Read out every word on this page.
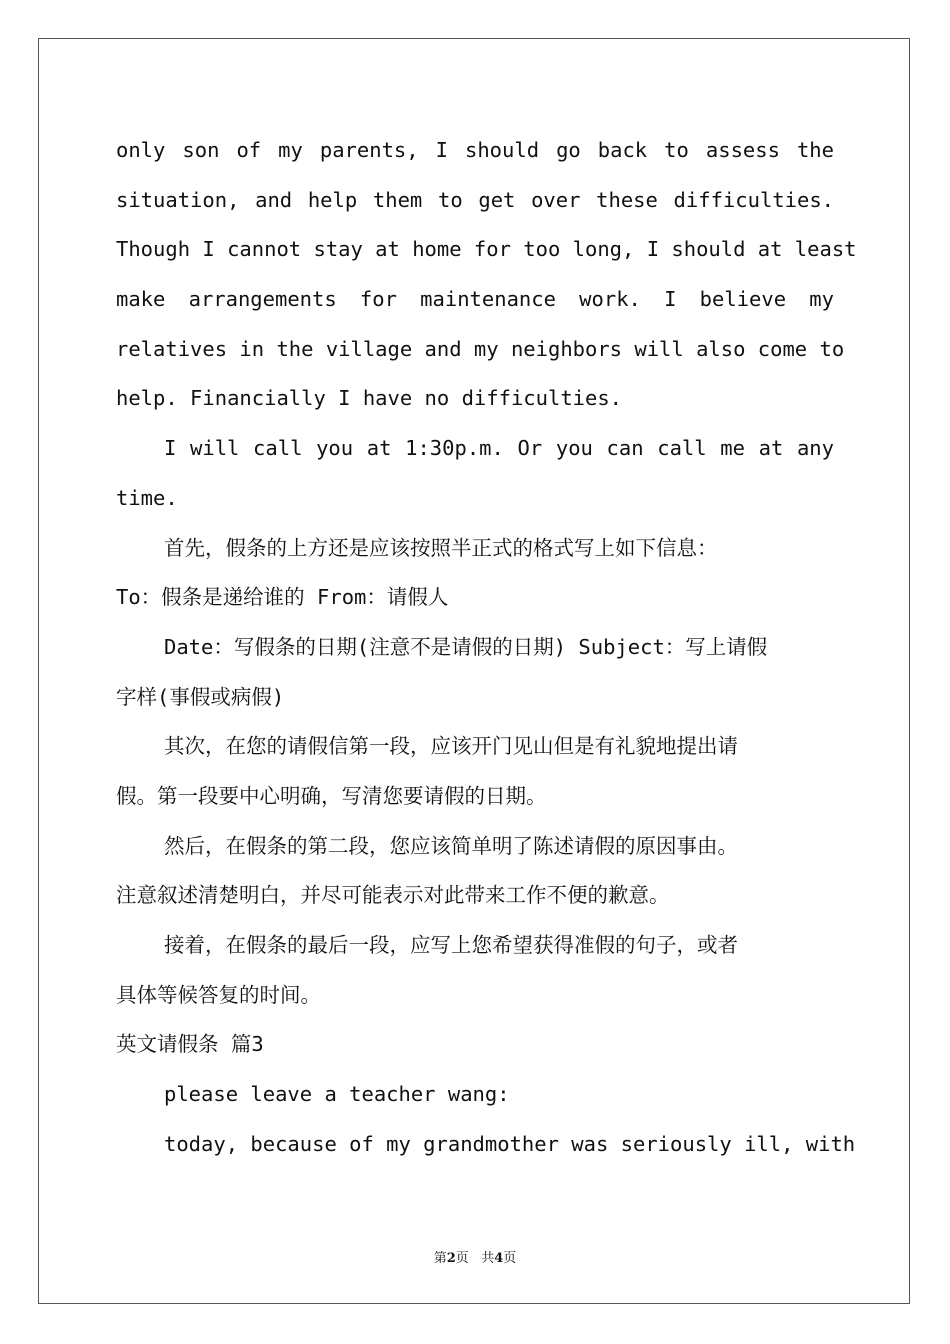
only son of my parents, I should go back to assess the
situation, and help them to get over these difficulties.
Though I cannot stay at home for too long, I should at least
make arrangements for maintenance work. I believe my
relatives in the village and my neighbors will also come to
help. Financially I have no difficulties.
I will call you at 1:30p.m. Or you can call me at any
time.
首先，假条的上方还是应该按照半正式的格式写上如下信息：
To：假条是递给谁的 From：请假人
Date：写假条的日期(注意不是请假的日期) Subject：写上请假
字样(事假或病假)
其次，在您的请假信第一段，应该开门见山但是有礼貌地提出请
假。第一段要中心明确，写清您要请假的日期。
然后，在假条的第二段，您应该简单明了陈述请假的原因事由。
注意叙述清楚明白，并尽可能表示对此带来工作不便的歉意。
接着，在假条的最后一段，应写上您希望获得准假的句子，或者
具体等候答复的时间。
英文请假条 篇3
please leave a teacher wang:
today, because of my grandmother was seriously ill, with
第2页   共4页
